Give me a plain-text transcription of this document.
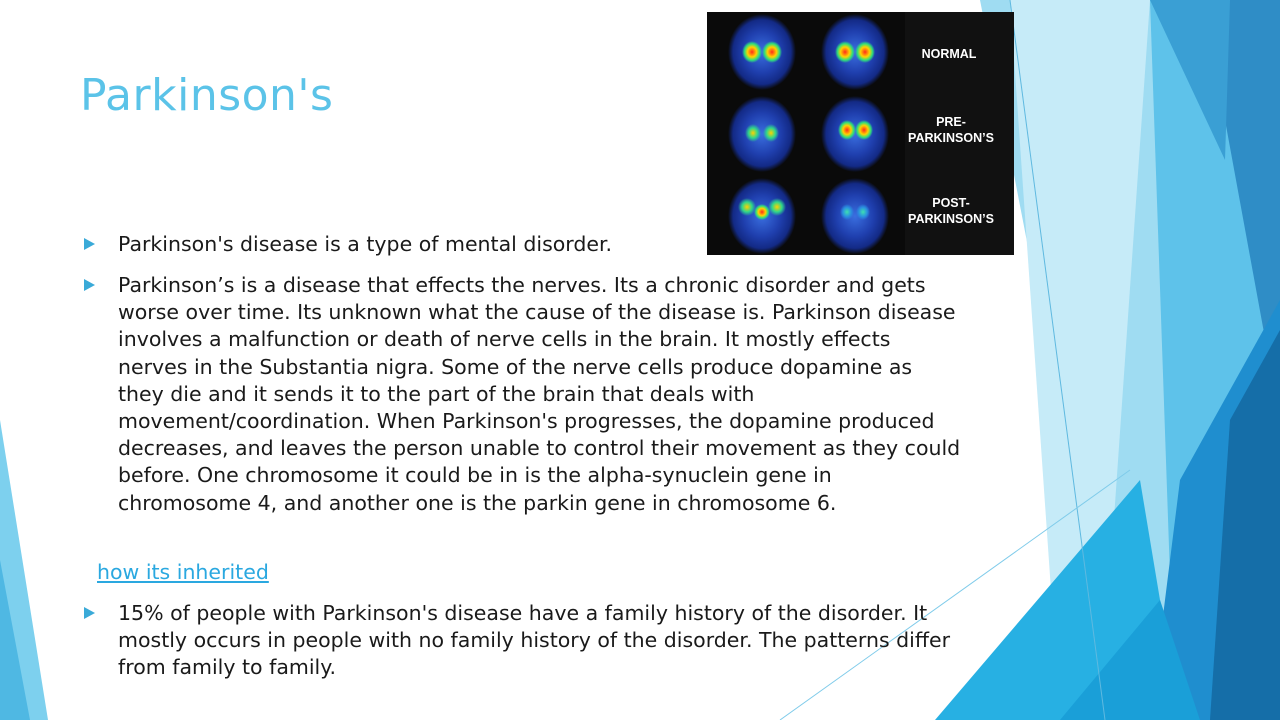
Parkinson's
NORMAL
PRE-PARKINSON’S
POST-PARKINSON’S
Parkinson's disease is a type of mental disorder.
Parkinson’s is a disease that effects the nerves. Its a chronic disorder and gets worse over time. Its unknown what the cause of the disease is. Parkinson disease involves a malfunction or death of nerve cells in the brain. It mostly effects nerves in the Substantia nigra. Some of the nerve cells produce dopamine as they die and it sends it to the part of the brain that deals with movement/coordination. When Parkinson's progresses, the dopamine produced decreases, and leaves the person unable to control their movement as they could before. One chromosome it could be in is the alpha-synuclein gene in chromosome 4, and another one is the parkin gene in chromosome 6.
how its inherited
15% of people with Parkinson's disease have a family history of the disorder. It mostly occurs in people with no family history of the disorder. The patterns differ from family to family.
